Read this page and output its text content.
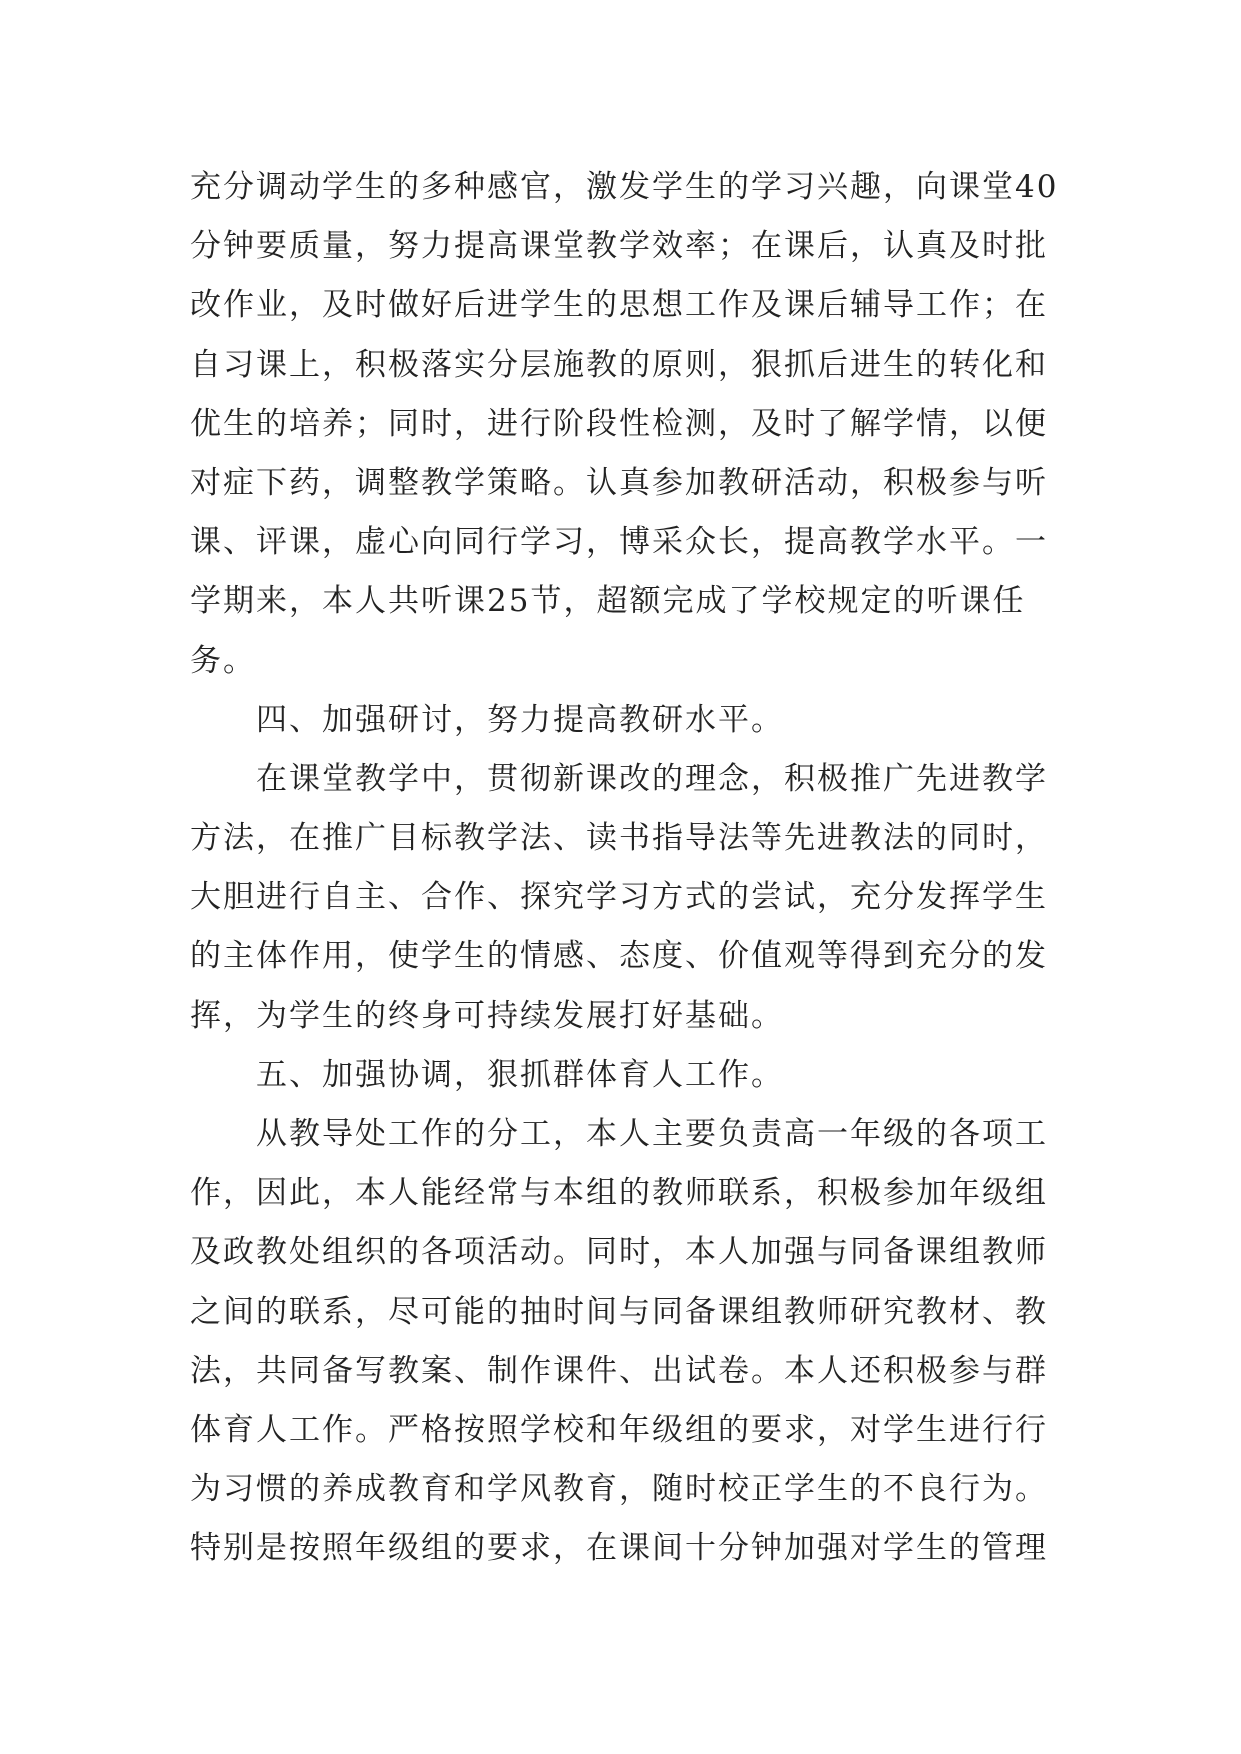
充分调动学生的多种感官，激发学生的学习兴趣，向课堂40
分钟要质量，努力提高课堂教学效率；在课后，认真及时批
改作业，及时做好后进学生的思想工作及课后辅导工作；在
自习课上，积极落实分层施教的原则，狠抓后进生的转化和
优生的培养；同时，进行阶段性检测，及时了解学情，以便
对症下药，调整教学策略。认真参加教研活动，积极参与听
课、评课，虚心向同行学习，博采众长，提高教学水平。一
学期来，本人共听课25节，超额完成了学校规定的听课任
务。
四、加强研讨，努力提高教研水平。
在课堂教学中，贯彻新课改的理念，积极推广先进教学
方法，在推广目标教学法、读书指导法等先进教法的同时，
大胆进行自主、合作、探究学习方式的尝试，充分发挥学生
的主体作用，使学生的情感、态度、价值观等得到充分的发
挥，为学生的终身可持续发展打好基础。
五、加强协调，狠抓群体育人工作。
从教导处工作的分工，本人主要负责高一年级的各项工
作，因此，本人能经常与本组的教师联系，积极参加年级组
及政教处组织的各项活动。同时，本人加强与同备课组教师
之间的联系，尽可能的抽时间与同备课组教师研究教材、教
法，共同备写教案、制作课件、出试卷。本人还积极参与群
体育人工作。严格按照学校和年级组的要求，对学生进行行
为习惯的养成教育和学风教育，随时校正学生的不良行为。
特别是按照年级组的要求，在课间十分钟加强对学生的管理
